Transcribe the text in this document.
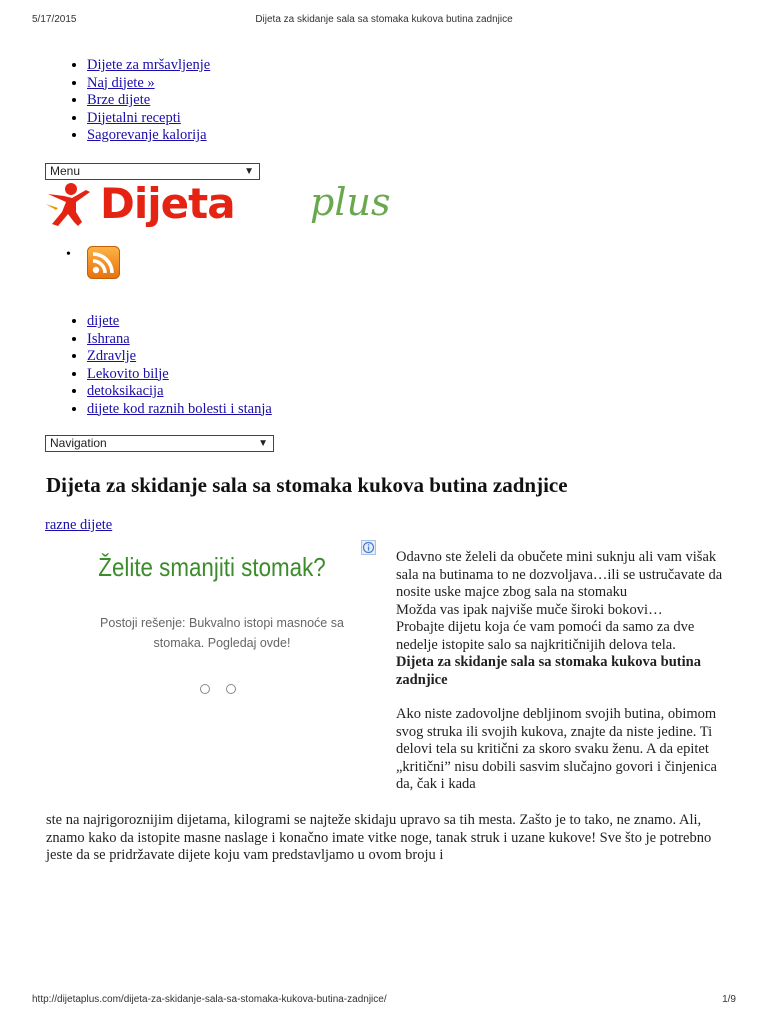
5/17/2015	Dijeta za skidanje sala sa stomaka kukova butina zadnjice
• Dijete za mršavljenje
• Naj dijete »
• Brze dijete
• Dijetalni recepti
• Sagorevanje kalorija
Menu	▼
Dijeta plus
•
• dijete
• Ishrana
• Zdravlje
• Lekovito bilje
• detoksikacija
• dijete kod raznih bolesti i stanja
Navigation	▼
Dijeta za skidanje sala sa stomaka kukova butina zadnjice
razne dijete
Želite smanjiti stomak?
Postoji rešenje: Bukvalno istopi masnoće sa stomaka. Pogledaj ovde!

Odavno ste želeli da obučete mini suknju ali vam višak sala na butinama to ne dozvoljava…ili se ustručavate da nosite uske majce zbog sala na stomaku

Možda vas ipak najviše muče široki bokovi…

Probajte dijetu koja će vam pomoći da samo za dve nedelje istopite salo sa najkritičnijih delova tela.

Dijeta za skidanje sala sa stomaka kukova butina zadnjice

Ako niste zadovoljne debljinom svojih butina, obimom svog struka ili svojih kukova, znajte da niste jedine. Ti delovi tela su kritični za skoro svaku ženu. A da epitet „kritični” nisu dobili sasvim slučajno govori i činjenica da, čak i kada

ste na najrigoroznijim dijetama, kilogrami se najteže skidaju upravo sa tih mesta. Zašto je to tako, ne znamo. Ali, znamo kako da istopite masne naslage i konačno imate vitke noge, tanak struk i uzane kukove! Sve što je potrebno jeste da se pridržavate dijete koju vam predstavljamo u ovom broju i

http://dijetaplus.com/dijeta-za-skidanje-sala-sa-stomaka-kukova-butina-zadnjice/	1/9
